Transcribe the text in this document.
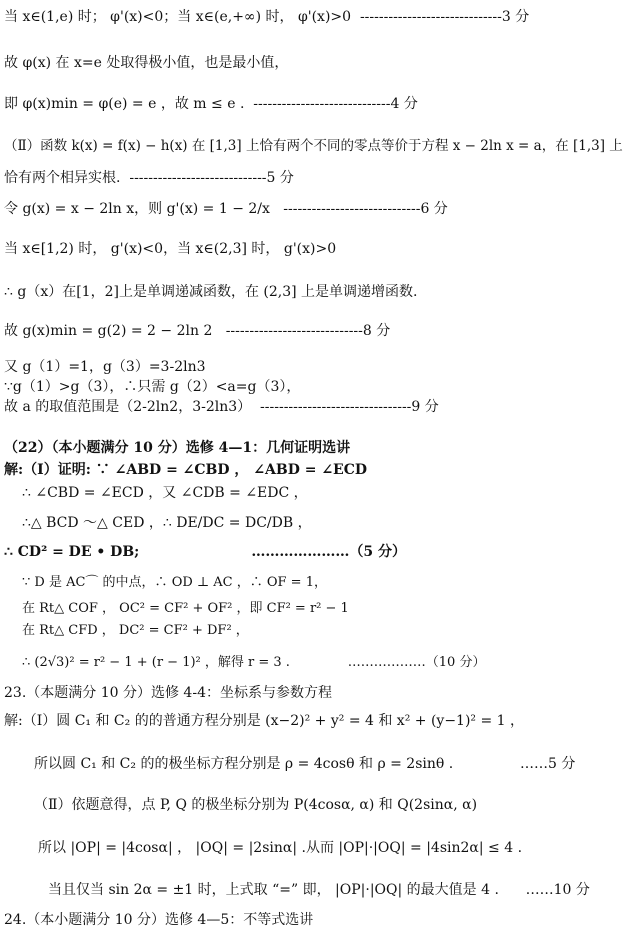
当 x∈(1,e) 时； φ'(x)<0；当 x∈(e,+∞) 时， φ'(x)>0  ------------------------------3 分
故 φ(x) 在 x=e 处取得极小值，也是最小值，
即 φ(x)min = φ(e) = e ，故 m ≤ e .  -----------------------------4 分
（Ⅱ）函数 k(x) = f(x) − h(x) 在 [1,3] 上恰有两个不同的零点等价于方程 x − 2ln x = a，在 [1,3] 上
恰有两个相异实根.  -----------------------------5 分
令 g(x) = x − 2ln x，则 g'(x) = 1 − 2/x   -----------------------------6 分
当 x∈[1,2) 时， g'(x)<0，当 x∈(2,3] 时， g'(x)>0
∴ g（x）在[1，2]上是单调递减函数，在 (2,3] 上是单调递增函数.
故 g(x)min = g(2) = 2 − 2ln 2   -----------------------------8 分
又 g（1）=1，g（3）=3-2ln3
∵g（1）>g（3），∴只需 g（2）<a=g（3），
故 a 的取值范围是（2-2ln2，3-2ln3）  --------------------------------9 分
（22）（本小题满分 10 分）选修 4—1：几何证明选讲
解:（I）证明: ∵ ∠ABD = ∠CBD ， ∠ABD = ∠ECD
∴ ∠CBD = ∠ECD ，又 ∠CDB = ∠EDC ，
∴△ BCD ～△ CED ，∴ DE/DC = DC/DB ，
∴ CD² = DE • DB;                       …………………（5 分）
∵ D 是 AC⌒ 的中点，∴ OD ⊥ AC ，∴ OF = 1，
在 Rt△ COF ， OC² = CF² + OF² ，即 CF² = r² − 1
在 Rt△ CFD ， DC² = CF² + DF² ，
∴ (2√3)² = r² − 1 + (r − 1)² ，解得 r = 3 .              ………………（10 分）
23.（本题满分 10 分）选修 4-4：坐标系与参数方程
解:（Ⅰ）圆 C₁ 和 C₂ 的的普通方程分别是 (x−2)² + y² = 4 和 x² + (y−1)² = 1 ，
所以圆 C₁ 和 C₂ 的的极坐标方程分别是 ρ = 4cosθ 和 ρ = 2sinθ .               ……5 分
（Ⅱ）依题意得，点 P, Q 的极坐标分别为 P(4cosα, α) 和 Q(2sinα, α)
所以 |OP| = |4cosα| ， |OQ| = |2sinα| .从而 |OP|·|OQ| = |4sin2α| ≤ 4 .
当且仅当 sin 2α = ±1 时，上式取 “=” 即， |OP|·|OQ| 的最大值是 4 .      ……10 分
24.（本小题满分 10 分）选修 4—5：不等式选讲
